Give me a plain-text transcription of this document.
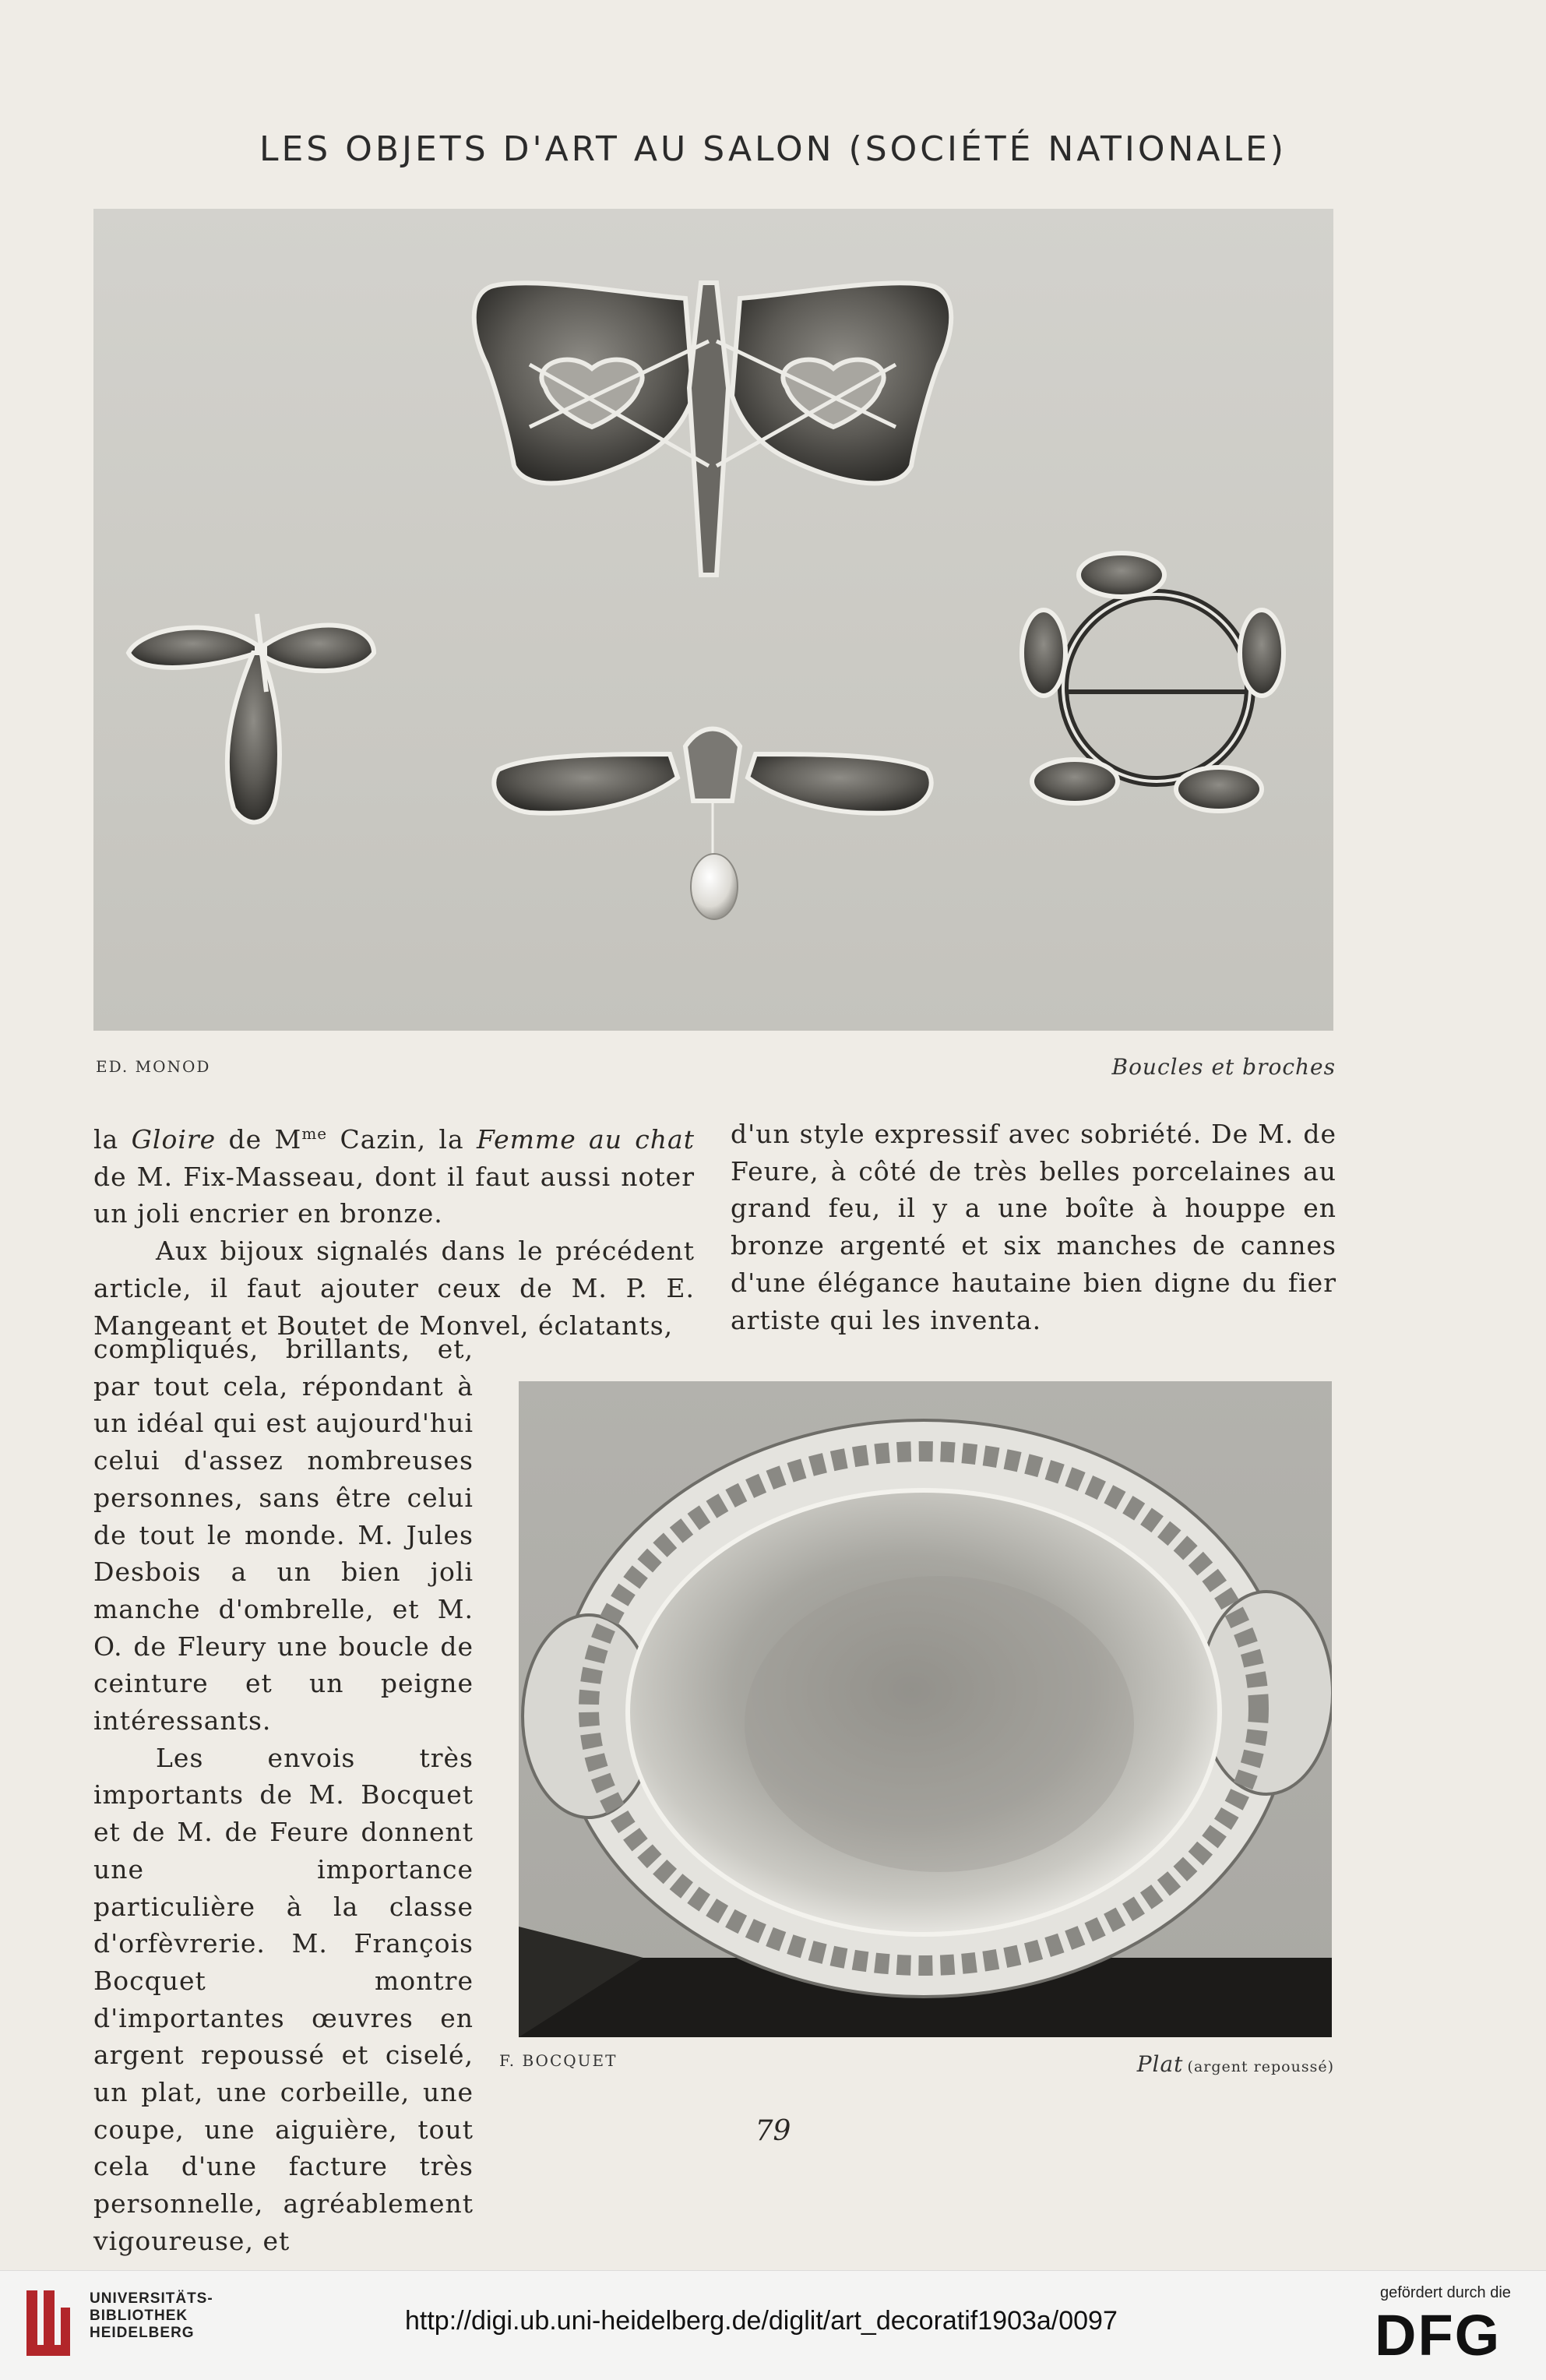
LES OBJETS D'ART AU SALON (SOCIÉTÉ NATIONALE)
ED. MONOD	Boucles et broches

la Gloire de $M^{me}$ Cazin, la Femme au chat de M. Fix-Masseau, dont il faut aussi noter un joli encrier en bronze.

Aux bijoux signalés dans le précédent article, il faut ajouter ceux de M. P. E. Mangeant et Boutet de Monvel, éclatants,

compliqués, brillants, et, par tout cela, répondant à un idéal qui est aujourd'hui celui d'assez nombreuses personnes, sans être celui de tout le monde. M. Jules Desbois a un bien joli manche d'ombrelle, et M. O. de Fleury une boucle de ceinture et un peigne intéressants.

Les envois très importants de M. Bocquet et de M. de Feure donnent une importance particulière à la classe d'orfèvrerie. M. François Bocquet montre d'importantes œuvres en argent repoussé et ciselé, un plat, une corbeille, une coupe, une aiguière, tout cela d'une facture très personnelle, agréablement vigoureuse, et

d'un style expressif avec sobriété. De M. de Feure, à côté de très belles porcelaines au grand feu, il y a une boîte à houppe en bronze argenté et six manches de cannes d'une élégance hautaine bien digne du fier artiste qui les inventa.

F. BOCQUET	Plat (argent repoussé)
79
UNIVERSITÄTS-
BIBLIOTHEK
HEIDELBERG	http://digi.ub.uni-heidelberg.de/diglit/art_decoratif1903a/0097
gefördert durch die
DFG
